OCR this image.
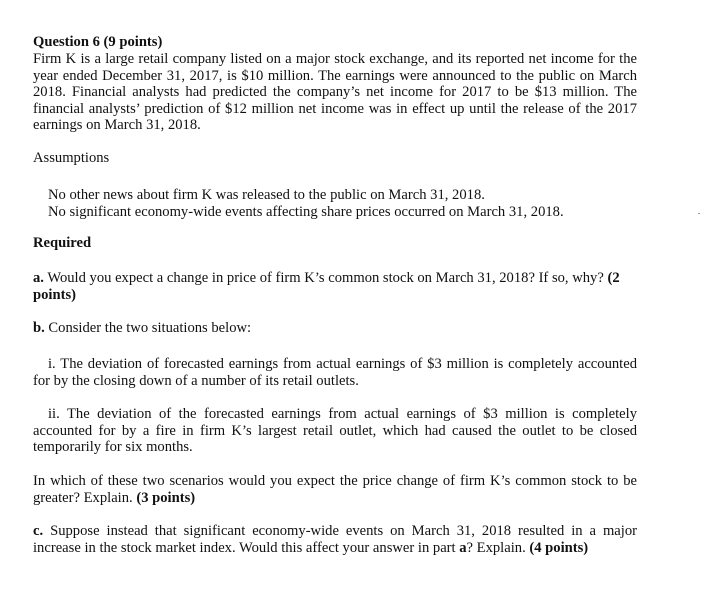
Question 6 (9 points)
Firm K is a large retail company listed on a major stock exchange, and its reported net income for the year ended December 31, 2017, is $10 million. The earnings were announced to the public on March 2018. Financial analysts had predicted the company’s net income for 2017 to be $13 million. The financial analysts’ prediction of $12 million net income was in effect up until the release of the 2017 earnings on March 31, 2018.
Assumptions
No other news about firm K was released to the public on March 31, 2018.
No significant economy-wide events affecting share prices occurred on March 31, 2018.
Required
a. Would you expect a change in price of firm K’s common stock on March 31, 2018? If so, why? (2 points)
b. Consider the two situations below:
i. The deviation of forecasted earnings from actual earnings of $3 million is completely accounted for by the closing down of a number of its retail outlets.
ii. The deviation of the forecasted earnings from actual earnings of $3 million is completely accounted for by a fire in firm K’s largest retail outlet, which had caused the outlet to be closed temporarily for six months.
In which of these two scenarios would you expect the price change of firm K’s common stock to be greater? Explain. (3 points)
c. Suppose instead that significant economy-wide events on March 31, 2018 resulted in a major increase in the stock market index. Would this affect your answer in part a? Explain. (4 points)
